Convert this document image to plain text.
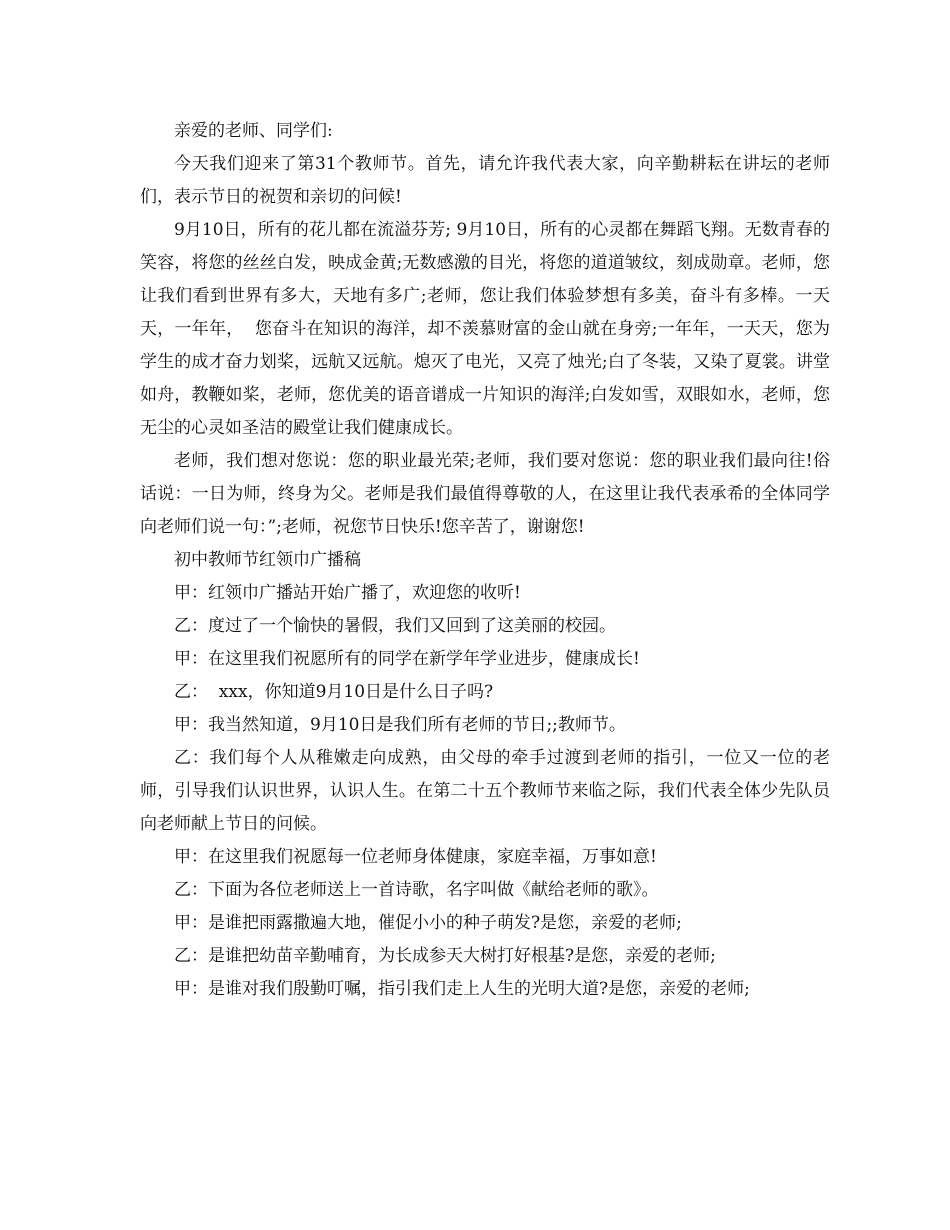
亲爱的老师、同学们:

今天我们迎来了第31个教师节。首先，请允许我代表大家，向辛勤耕耘在讲坛的老师们，表示节日的祝贺和亲切的问候!

9月10日，所有的花儿都在流溢芬芳; 9月10日，所有的心灵都在舞蹈飞翔。无数青春的笑容，将您的丝丝白发，映成金黄;无数感激的目光，将您的道道皱纹，刻成勋章。老师，您让我们看到世界有多大，天地有多广;老师，您让我们体验梦想有多美，奋斗有多棒。一天天，一年年，  您奋斗在知识的海洋，却不羡慕财富的金山就在身旁;一年年，一天天，您为学生的成才奋力划桨，远航又远航。熄灭了电光，又亮了烛光;白了冬装，又染了夏裳。讲堂如舟，教鞭如桨，老师，您优美的语音谱成一片知识的海洋;白发如雪，双眼如水，老师，您无尘的心灵如圣洁的殿堂让我们健康成长。

老师，我们想对您说：您的职业最光荣;老师，我们要对您说：您的职业我们最向往!俗话说：一日为师，终身为父。老师是我们最值得尊敬的人，在这里让我代表承希的全体同学向老师们说一句：”;老师，祝您节日快乐!您辛苦了，谢谢您!

初中教师节红领巾广播稿

甲：红领巾广播站开始广播了，欢迎您的收听!

乙：度过了一个愉快的暑假，我们又回到了这美丽的校园。

甲：在这里我们祝愿所有的同学在新学年学业进步，健康成长!

乙：  xxx，你知道9月10日是什么日子吗?

甲：我当然知道，9月10日是我们所有老师的节日;;教师节。

乙：我们每个人从稚嫩走向成熟，由父母的牵手过渡到老师的指引，一位又一位的老师，引导我们认识世界，认识人生。在第二十五个教师节来临之际，我们代表全体少先队员向老师献上节日的问候。

甲：在这里我们祝愿每一位老师身体健康，家庭幸福，万事如意!

乙：下面为各位老师送上一首诗歌，名字叫做《献给老师的歌》。

甲：是谁把雨露撒遍大地，催促小小的种子萌发?是您，亲爱的老师;

乙：是谁把幼苗辛勤哺育，为长成参天大树打好根基?是您，亲爱的老师;

甲：是谁对我们殷勤叮嘱，指引我们走上人生的光明大道?是您，亲爱的老师;
